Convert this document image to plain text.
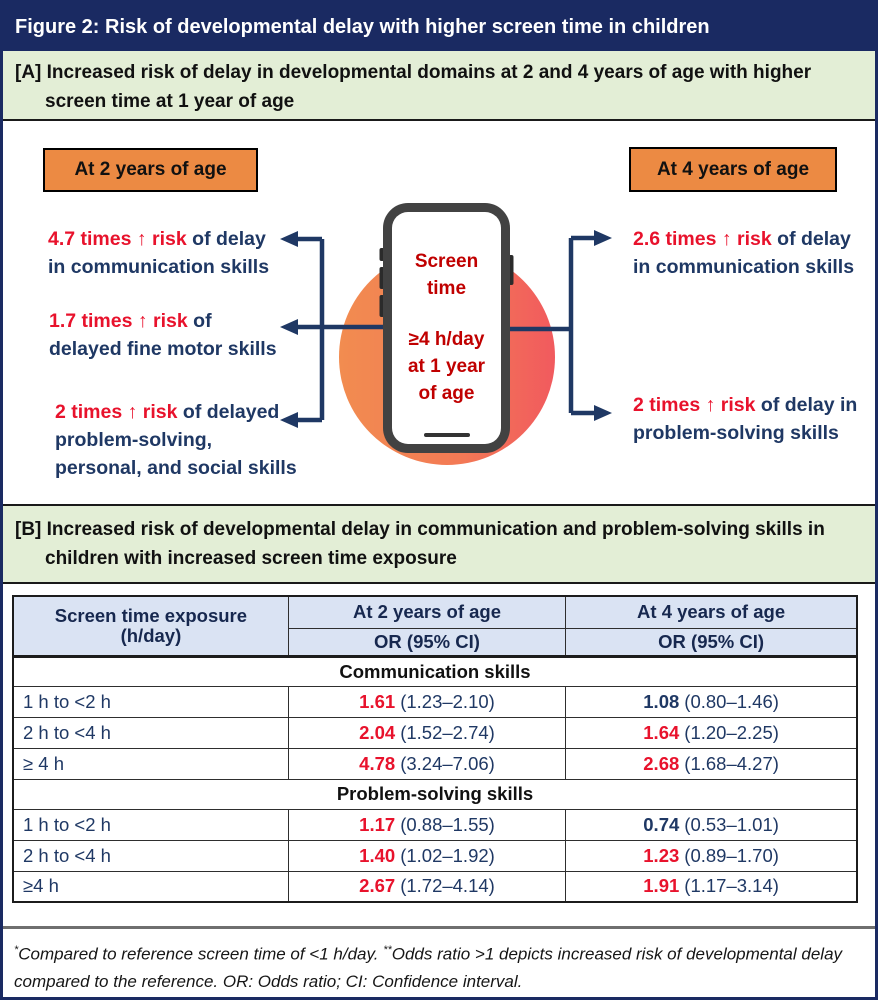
Figure 2: Risk of developmental delay with higher screen time in children
[A] Increased risk of delay in developmental domains at 2 and 4 years of age with higher
screen time at 1 year of age
At 2 years of age	At 4 years of age
Screen
time
≥4 h/day
at 1 year
of age
4.7 times ↑ risk of delay
in communication skills
1.7 times ↑ risk of
delayed fine motor skills
2 times ↑ risk of delayed
problem-solving,
personal, and social skills
2.6 times ↑ risk of delay
in communication skills
2 times ↑ risk of delay in
problem-solving skills
[B] Increased risk of developmental delay in communication and problem-solving skills in
children with increased screen time exposure
Screen time exposure
(h/day)	At 2 years of age	At 4 years of age
	OR (95% CI)	OR (95% CI)
Communication skills		
1 h to <2 h	1.61 (1.23–2.10)	1.08 (0.80–1.46)
2 h to <4 h	2.04 (1.52–2.74)	1.64 (1.20–2.25)
≥ 4 h	4.78 (3.24–7.06)	2.68 (1.68–4.27)
Problem-solving skills		
1 h to <2 h	1.17 (0.88–1.55)	0.74 (0.53–1.01)
2 h to <4 h	1.40 (1.02–1.92)	1.23 (0.89–1.70)
≥4 h	2.67 (1.72–4.14)	1.91 (1.17–3.14)
*Compared to reference screen time of <1 h/day. **Odds ratio >1 depicts increased risk of developmental delay compared to the reference. OR: Odds ratio; CI: Confidence interval.
